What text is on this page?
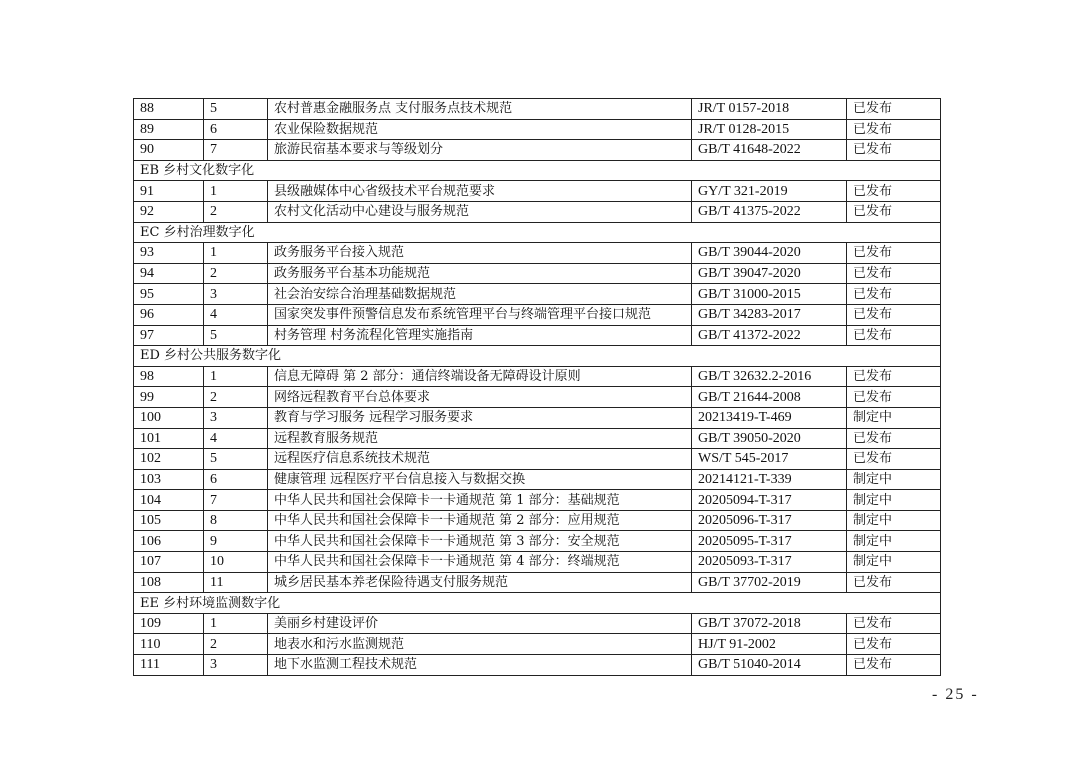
88	5	农村普惠金融服务点 支付服务点技术规范	JR/T 0157-2018	已发布
89	6	农业保险数据规范	JR/T 0128-2015	已发布
90	7	旅游民宿基本要求与等级划分	GB/T 41648-2022	已发布
EB 乡村文化数字化				
91	1	县级融媒体中心省级技术平台规范要求	GY/T 321-2019	已发布
92	2	农村文化活动中心建设与服务规范	GB/T 41375-2022	已发布
EC 乡村治理数字化				
93	1	政务服务平台接入规范	GB/T 39044-2020	已发布
94	2	政务服务平台基本功能规范	GB/T 39047-2020	已发布
95	3	社会治安综合治理基础数据规范	GB/T 31000-2015	已发布
96	4	国家突发事件预警信息发布系统管理平台与终端管理平台接口规范	GB/T 34283-2017	已发布
97	5	村务管理 村务流程化管理实施指南	GB/T 41372-2022	已发布
ED 乡村公共服务数字化				
98	1	信息无障碍 第 2 部分：通信终端设备无障碍设计原则	GB/T 32632.2-2016	已发布
99	2	网络远程教育平台总体要求	GB/T 21644-2008	已发布
100	3	教育与学习服务 远程学习服务要求	20213419-T-469	制定中
101	4	远程教育服务规范	GB/T 39050-2020	已发布
102	5	远程医疗信息系统技术规范	WS/T 545-2017	已发布
103	6	健康管理 远程医疗平台信息接入与数据交换	20214121-T-339	制定中
104	7	中华人民共和国社会保障卡一卡通规范 第 1 部分：基础规范	20205094-T-317	制定中
105	8	中华人民共和国社会保障卡一卡通规范 第 2 部分：应用规范	20205096-T-317	制定中
106	9	中华人民共和国社会保障卡一卡通规范 第 3 部分：安全规范	20205095-T-317	制定中
107	10	中华人民共和国社会保障卡一卡通规范 第 4 部分：终端规范	20205093-T-317	制定中
108	11	城乡居民基本养老保险待遇支付服务规范	GB/T 37702-2019	已发布
EE 乡村环境监测数字化				
109	1	美丽乡村建设评价	GB/T 37072-2018	已发布
110	2	地表水和污水监测规范	HJ/T 91-2002	已发布
111	3	地下水监测工程技术规范	GB/T 51040-2014	已发布
- 25 -
